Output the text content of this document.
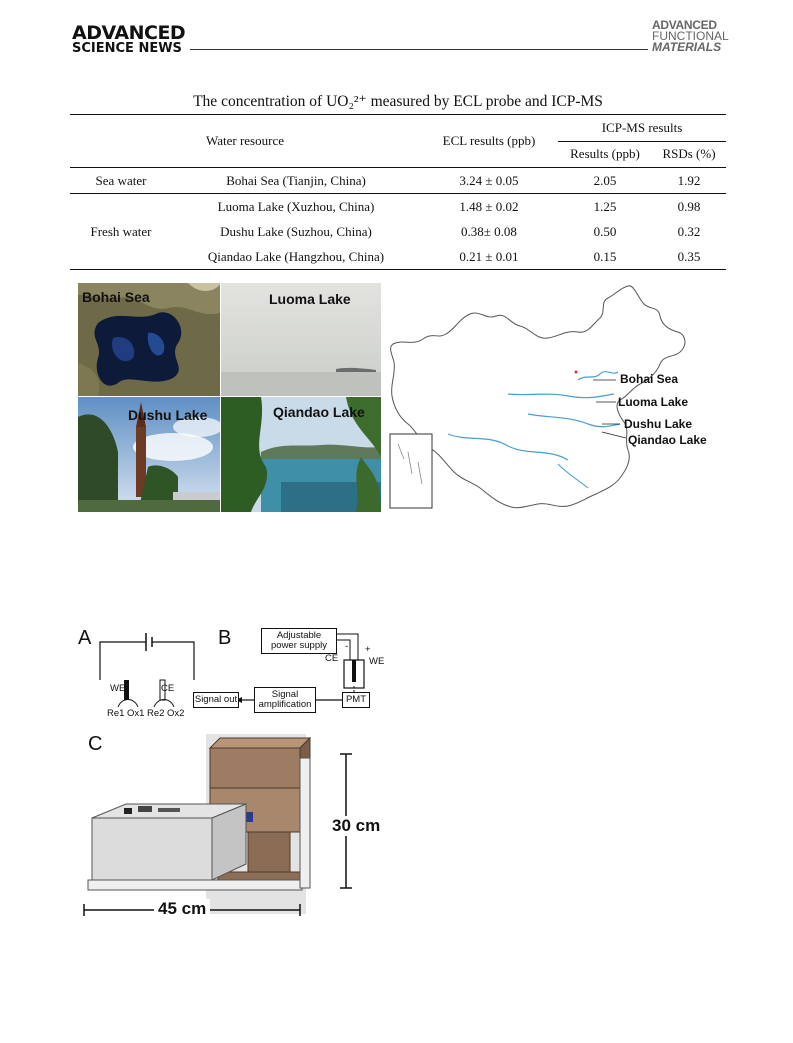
ADVANCED
SCIENCE NEWS
ADVANCED
FUNCTIONAL
MATERIALS
The concentration of UO₂²⁺ measured by ECL probe and ICP-MS
Water resource		ECL results (ppb)	ICP-MS results	
			Results (ppb)	RSDs (%)
Sea water	Bohai Sea (Tianjin, China)	3.24 ± 0.05	2.05	1.92
Fresh water	Luoma Lake (Xuzhou, China)	1.48 ± 0.02	1.25	0.98
	Dushu Lake (Suzhou, China)	0.38± 0.08	0.50	0.32
	Qiandao Lake (Hangzhou, China)	0.21 ± 0.01	0.15	0.35
Bohai Sea	Luoma Lake
Dushu Lake	Qiandao Lake
Bohai Sea
Luoma Lake
Dushu Lake
Qiandao Lake
A
WE	CE
Re1 Ox1 Re2 Ox2
B	Adjustable
power supply
CE	WE
+
-
Signal out	Signal
amplification	PMT
C
30 cm
45 cm
